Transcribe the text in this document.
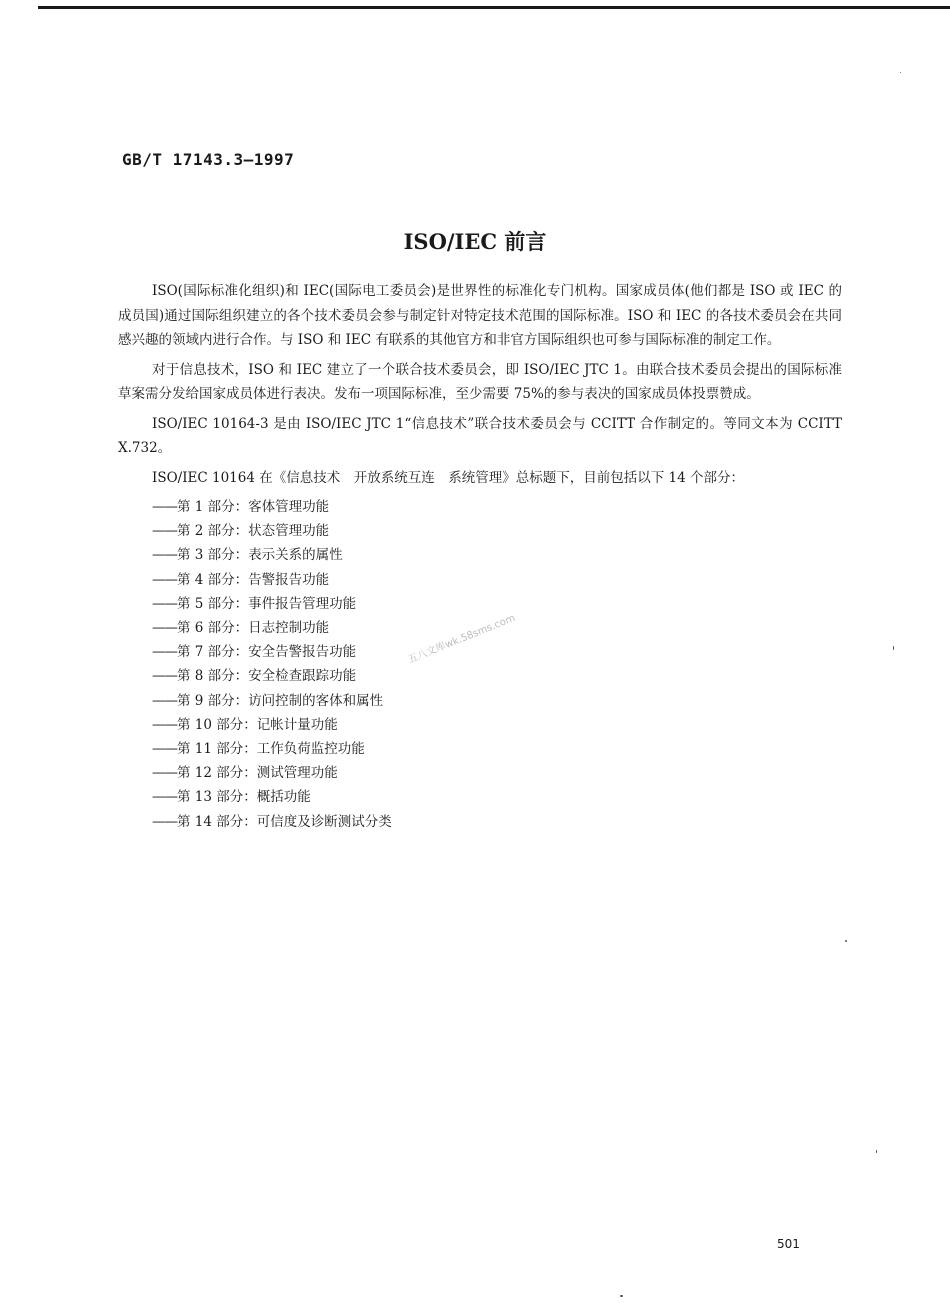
GB/T 17143.3—1997
ISO/IEC 前言

ISO(国际标准化组织)和 IEC(国际电工委员会)是世界性的标准化专门机构。国家成员体(他们都是 ISO 或 IEC 的成员国)通过国际组织建立的各个技术委员会参与制定针对特定技术范围的国际标准。ISO 和 IEC 的各技术委员会在共同感兴趣的领域内进行合作。与 ISO 和 IEC 有联系的其他官方和非官方国际组织也可参与国际标准的制定工作。

对于信息技术，ISO 和 IEC 建立了一个联合技术委员会，即 ISO/IEC JTC 1。由联合技术委员会提出的国际标准草案需分发给国家成员体进行表决。发布一项国际标准，至少需要 75%的参与表决的国家成员体投票赞成。

ISO/IEC 10164-3 是由 ISO/IEC JTC 1“信息技术”联合技术委员会与 CCITT 合作制定的。等同文本为 CCITT X.732。

ISO/IEC 10164 在《信息技术　开放系统互连　系统管理》总标题下，目前包括以下 14 个部分：

——第 1 部分：客体管理功能
——第 2 部分：状态管理功能
——第 3 部分：表示关系的属性
——第 4 部分：告警报告功能
——第 5 部分：事件报告管理功能
——第 6 部分：日志控制功能
——第 7 部分：安全告警报告功能
——第 8 部分：安全检查跟踪功能
——第 9 部分：访问控制的客体和属性
——第 10 部分：记帐计量功能
——第 11 部分：工作负荷监控功能
——第 12 部分：测试管理功能
——第 13 部分：概括功能
——第 14 部分：可信度及诊断测试分类
五八文库wk.58sms.com
501
